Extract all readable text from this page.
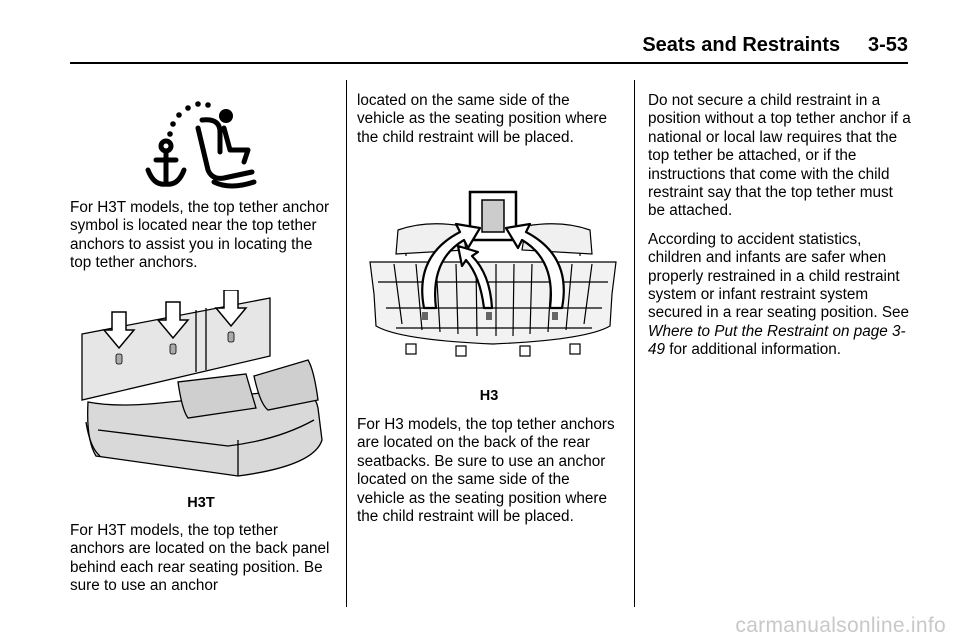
Seats and Restraints 3-53

For H3T models, the top tether anchor symbol is located near the top tether anchors to assist you in locating the top tether anchors.

H3T

For H3T models, the top tether anchors are located on the back panel behind each rear seating position. Be sure to use an anchor

located on the same side of the vehicle as the seating position where the child restraint will be placed.

H3

For H3 models, the top tether anchors are located on the back of the rear seatbacks. Be sure to use an anchor located on the same side of the vehicle as the seating position where the child restraint will be placed.

Do not secure a child restraint in a position without a top tether anchor if a national or local law requires that the top tether be attached, or if the instructions that come with the child restraint say that the top tether must be attached.

According to accident statistics, children and infants are safer when properly restrained in a child restraint system or infant restraint system secured in a rear seating position. See Where to Put the Restraint on page 3-49 for additional information.

carmanualsonline.info
